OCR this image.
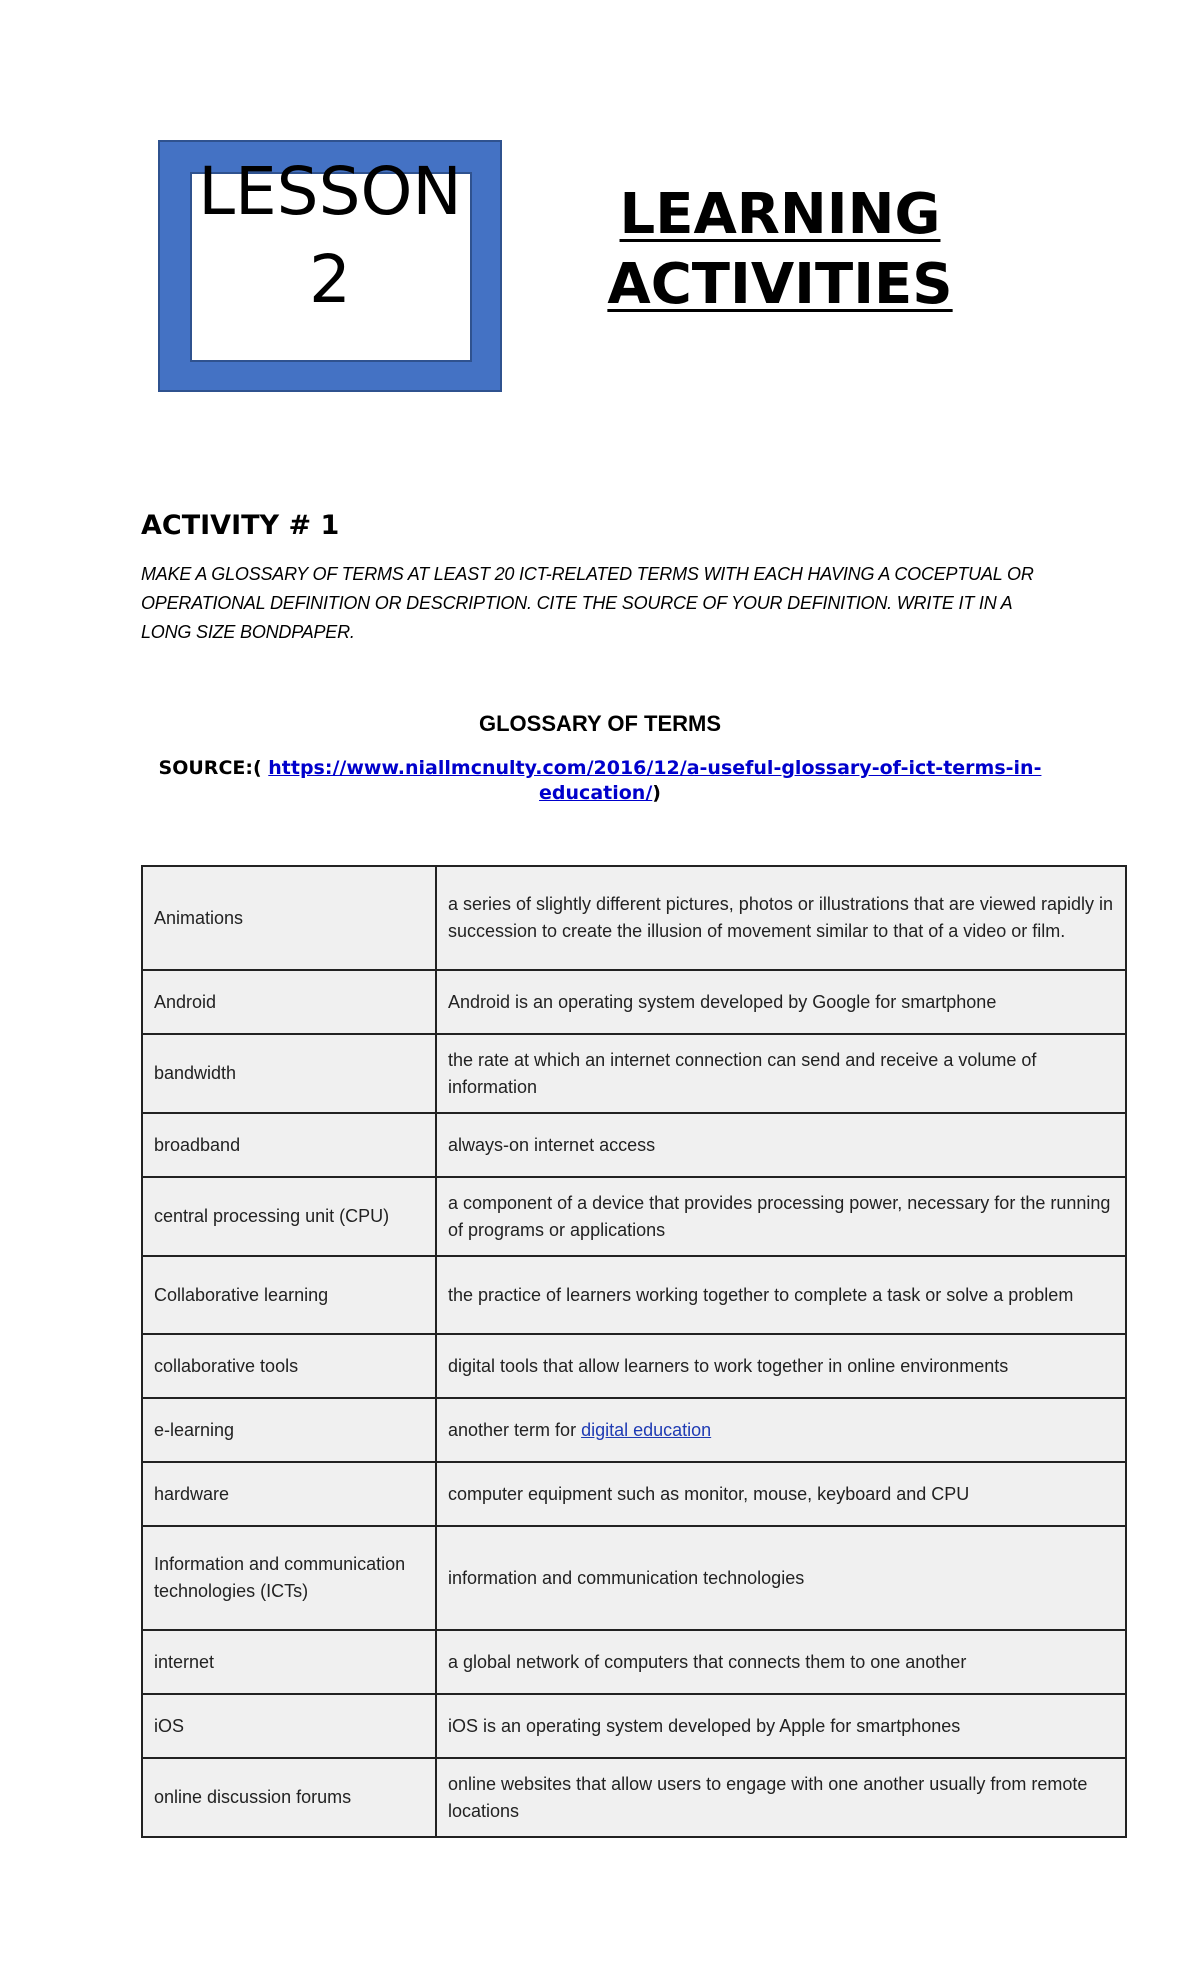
LESSON
2
LEARNING
ACTIVITIES
ACTIVITY # 1
MAKE A GLOSSARY OF TERMS AT LEAST 20 ICT-RELATED TERMS WITH EACH HAVING A COCEPTUAL OR OPERATIONAL DEFINITION OR DESCRIPTION. CITE THE SOURCE OF YOUR DEFINITION. WRITE IT IN A LONG SIZE BONDPAPER.
GLOSSARY OF TERMS
SOURCE:( https://www.niallmcnulty.com/2016/12/a-useful-glossary-of-ict-terms-in-education/)
Animations	a series of slightly different pictures, photos or illustrations that are viewed rapidly in succession to create the illusion of movement similar to that of a video or film.
Android	Android is an operating system developed by Google for smartphone
bandwidth	the rate at which an internet connection can send and receive a volume of information
broadband	always-on internet access
central processing unit (CPU)	a component of a device that provides processing power, necessary for the running of programs or applications
Collaborative learning	the practice of learners working together to complete a task or solve a problem
collaborative tools	digital tools that allow learners to work together in online environments
e-learning	another term for digital education
hardware	computer equipment such as monitor, mouse, keyboard and CPU
Information and communication technologies (ICTs)	information and communication technologies
internet	a global network of computers that connects them to one another
iOS	iOS is an operating system developed by Apple for smartphones
online discussion forums	online websites that allow users to engage with one another usually from remote locations
